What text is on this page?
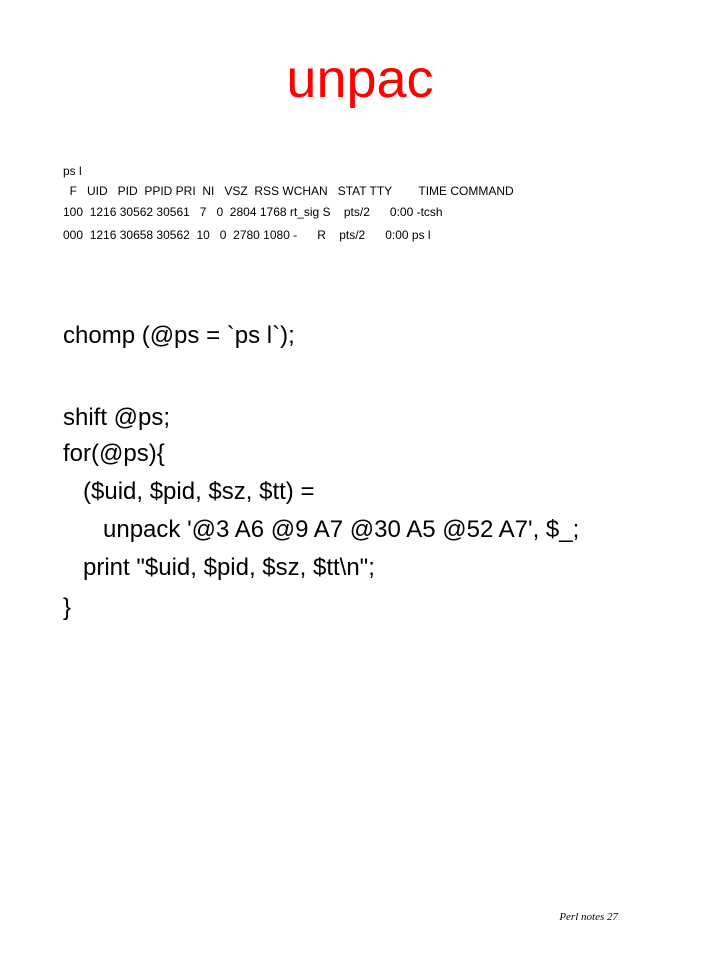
unpac

ps l

F   UID   PID  PPID PRI  NI   VSZ  RSS WCHAN   STAT TTY        TIME COMMAND

100  1216 30562 30561   7   0  2804 1768 rt_sig S    pts/2      0:00 -tcsh

000  1216 30658 30562  10   0  2780 1080 -      R    pts/2      0:00 ps l

chomp (@ps = `ps l`);

shift @ps;

for(@ps){

($uid, $pid, $sz, $tt) =

unpack '@3 A6 @9 A7 @30 A5 @52 A7', $_;

print "$uid, $pid, $sz, $tt\n";

}

Perl notes 27
